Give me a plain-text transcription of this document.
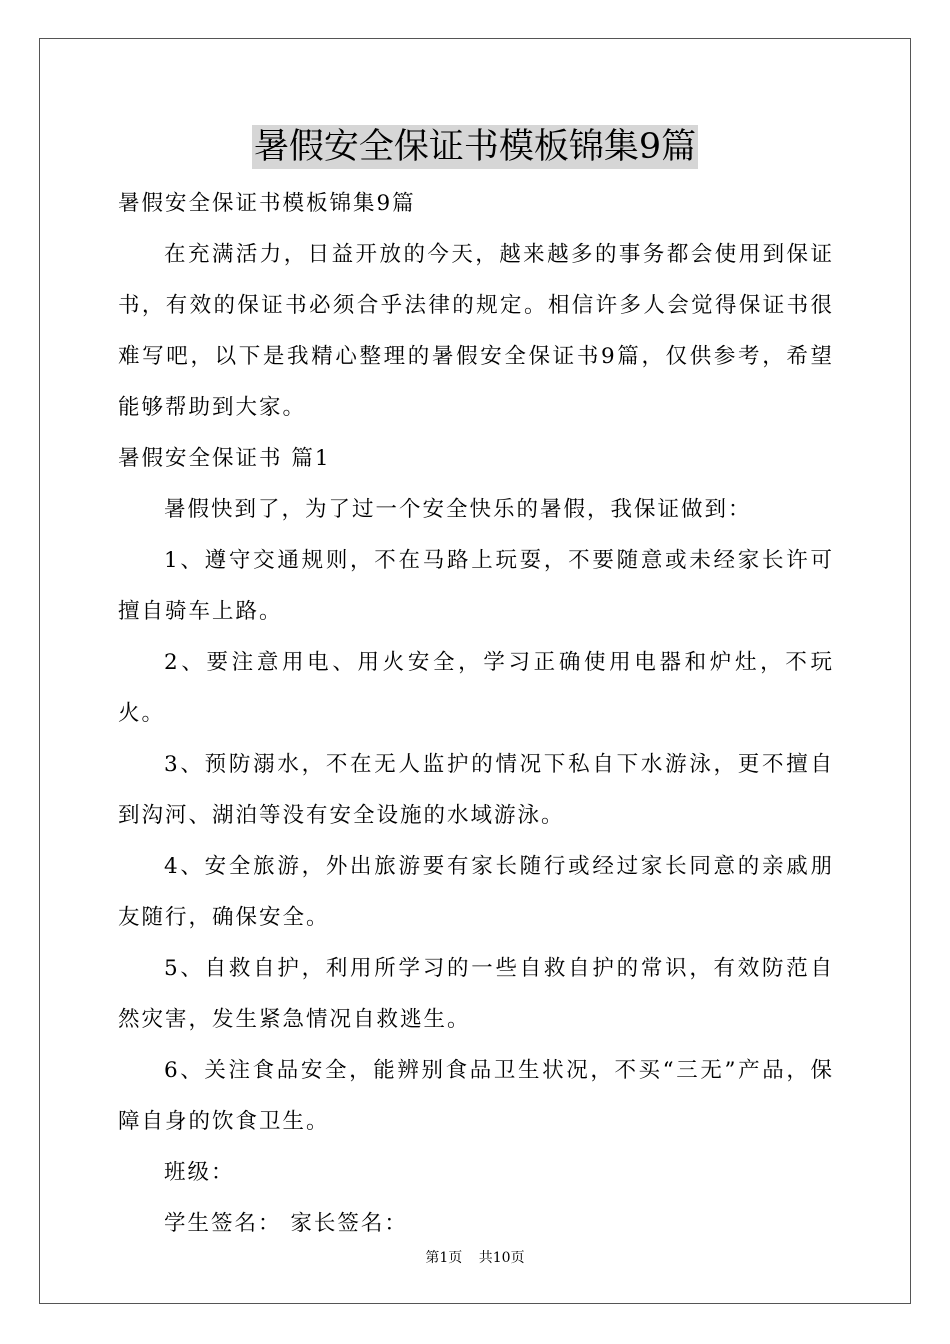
暑假安全保证书模板锦集9篇

暑假安全保证书模板锦集9篇

在充满活力，日益开放的今天，越来越多的事务都会使用到保证书，有效的保证书必须合乎法律的规定。相信许多人会觉得保证书很难写吧，以下是我精心整理的暑假安全保证书9篇，仅供参考，希望能够帮助到大家。

暑假安全保证书 篇1

暑假快到了，为了过一个安全快乐的暑假，我保证做到：

1、遵守交通规则，不在马路上玩耍，不要随意或未经家长许可擅自骑车上路。

2、要注意用电、用火安全，学习正确使用电器和炉灶，不玩火。

3、预防溺水，不在无人监护的情况下私自下水游泳，更不擅自到沟河、湖泊等没有安全设施的水域游泳。

4、安全旅游，外出旅游要有家长随行或经过家长同意的亲戚朋友随行，确保安全。

5、自救自护，利用所学习的一些自救自护的常识，有效防范自然灾害，发生紧急情况自救逃生。

6、关注食品安全，能辨别食品卫生状况，不买“三无”产品，保障自身的饮食卫生。

班级：

学生签名： 家长签名：

第1页 共10页
